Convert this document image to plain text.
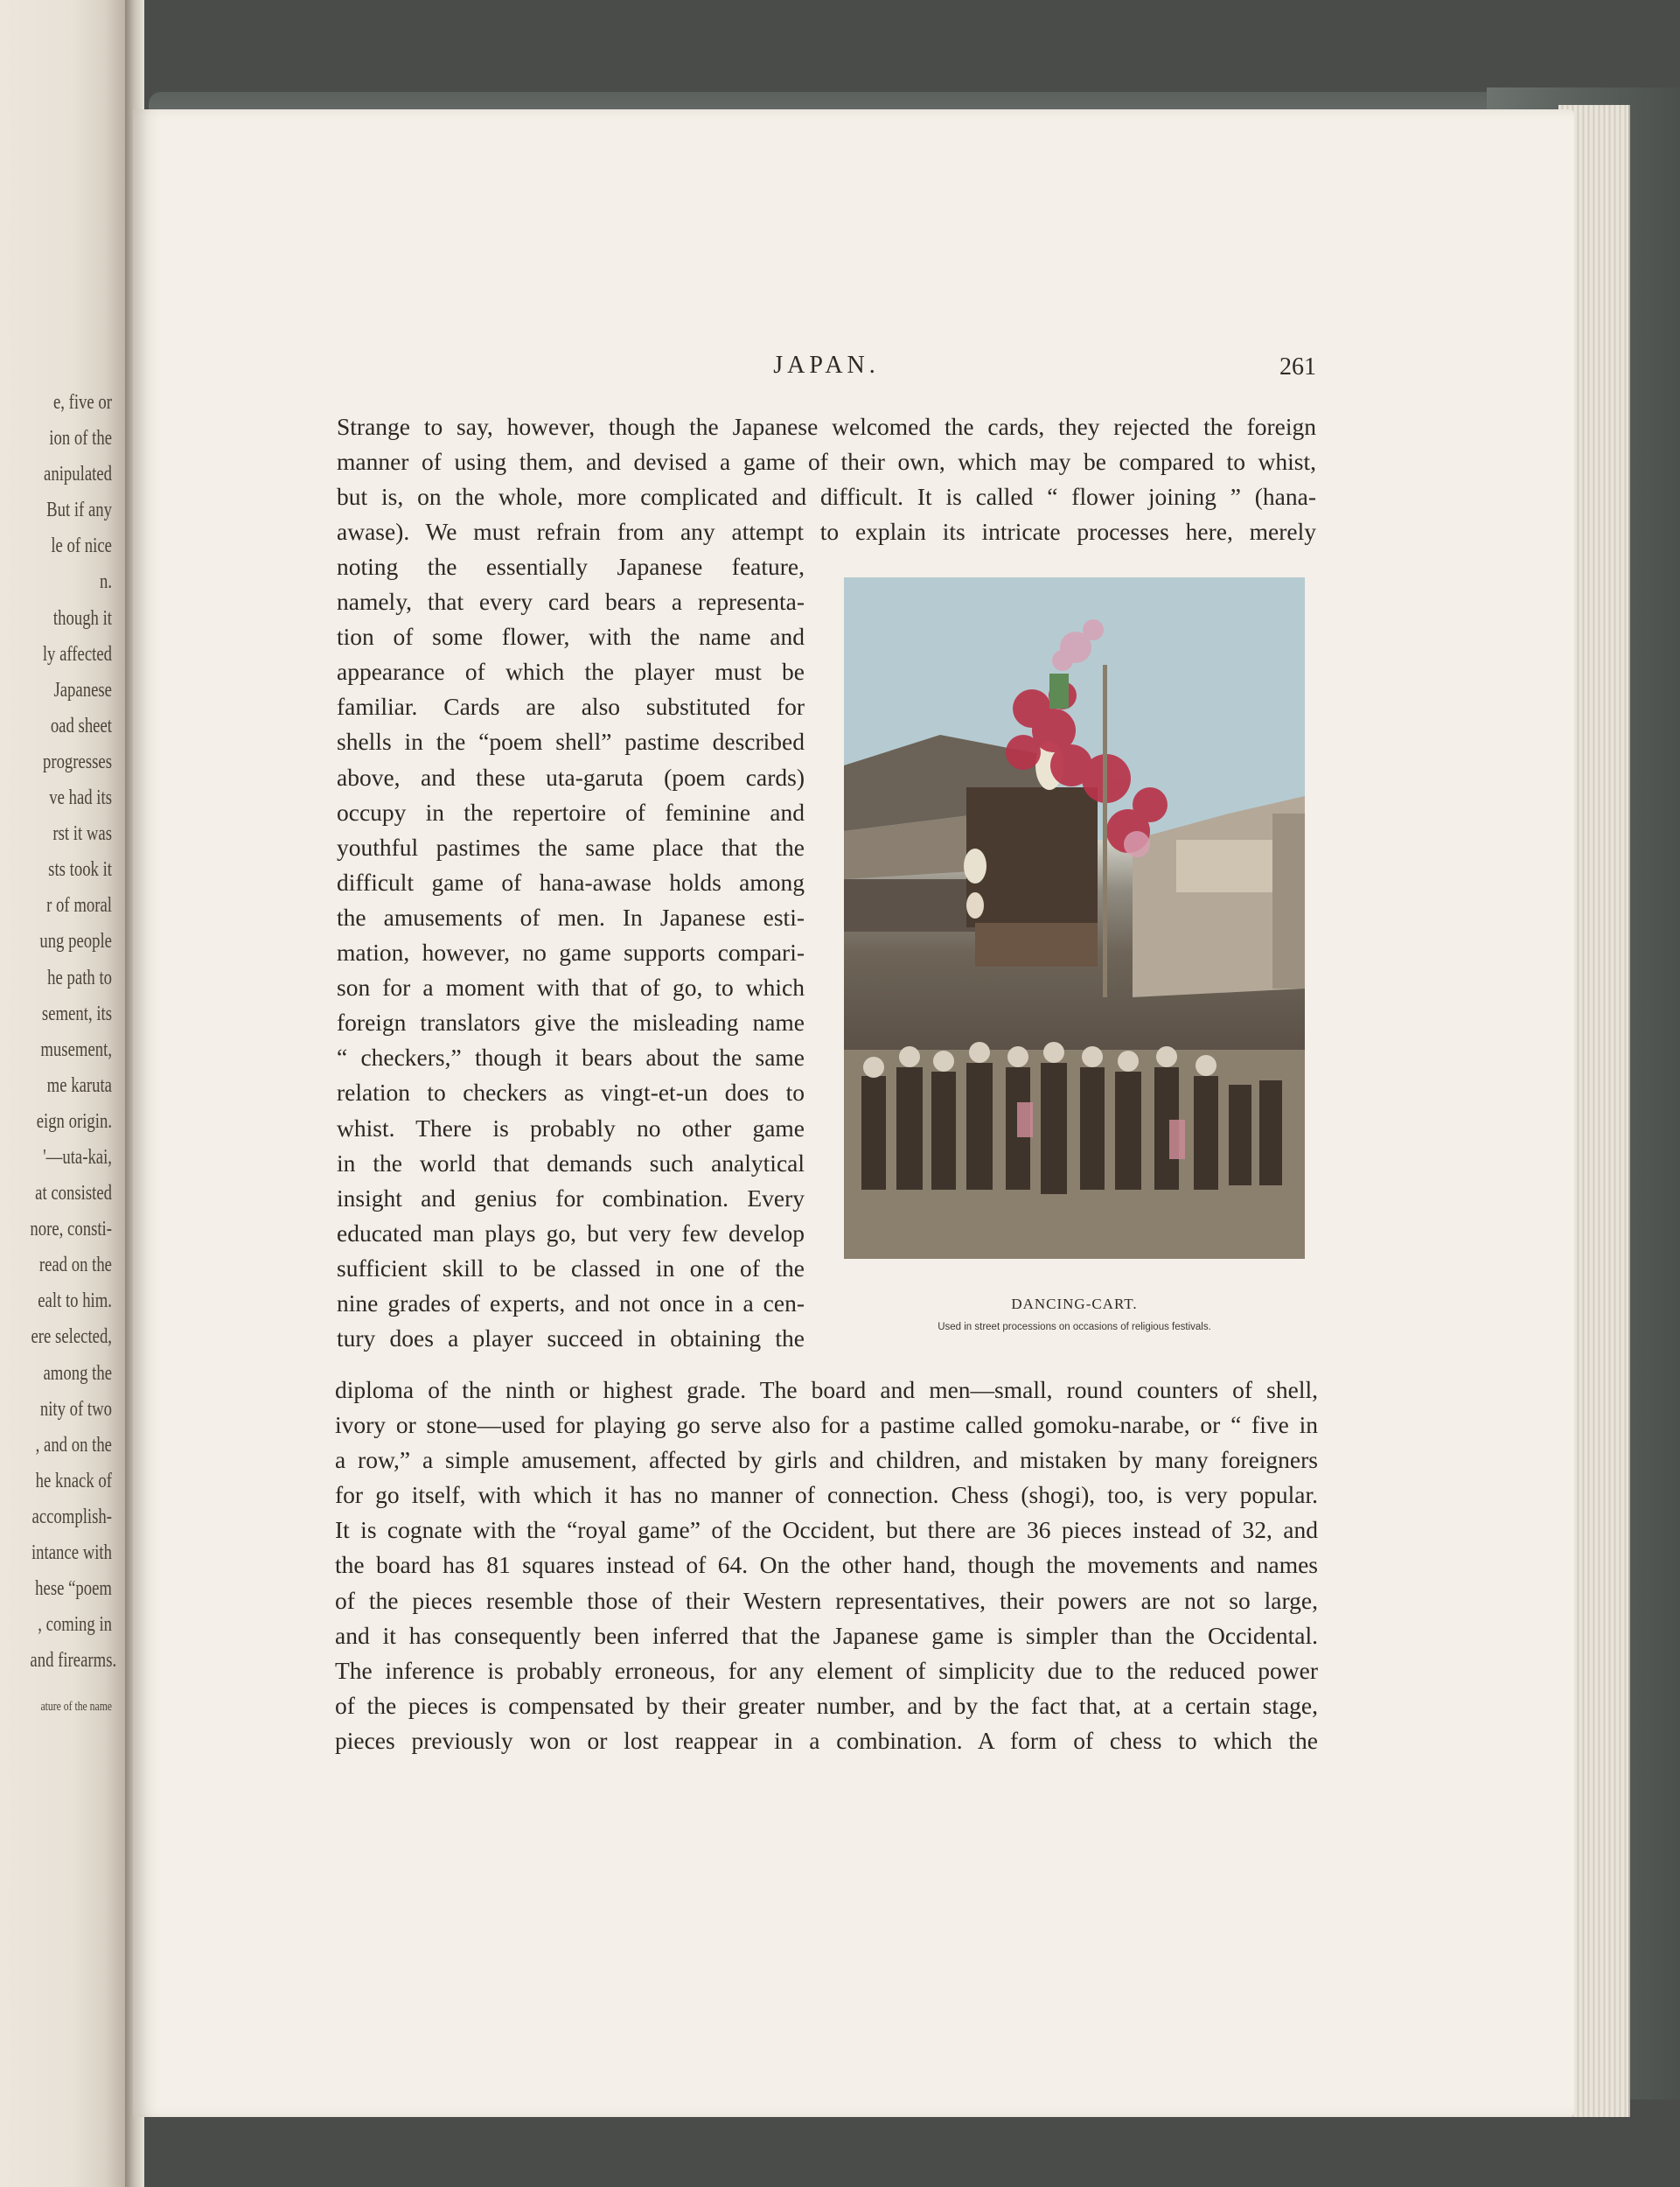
e, five or
ion of the
anipulated
But if any
le of nice
n.
though it
ly affected
Japanese
oad sheet
progresses
ve had its
rst it was
sts took it
r of moral
ung people
he path to
sement, its
musement,
me karuta
eign origin.
'—uta-kai,
at consisted
nore, consti-
read on the
ealt to him.
ere selected,
among the
nity of two
, and on the
he knack of
accomplish-
intance with
hese “poem
, coming in
and firearms.
ature of the name
JAPAN.	261
Strange to say, however, though the Japanese welcomed the cards, they rejected the foreign
manner of using them, and devised a game of their own, which may be compared to whist,
but is, on the whole, more complicated and difficult. It is called “ flower joining ” (hana-
awase). We must refrain from any attempt to explain its intricate processes here, merely
noting the essentially Japanese feature,
namely, that every card bears a representa-
tion of some flower, with the name and
appearance of which the player must be
familiar. Cards are also substituted for
shells in the “poem shell” pastime described
above, and these uta-garuta (poem cards)
occupy in the repertoire of feminine and
youthful pastimes the same place that the
difficult game of hana-awase holds among
the amusements of men. In Japanese esti-
mation, however, no game supports compari-
son for a moment with that of go, to which
foreign translators give the misleading name
“ checkers,” though it bears about the same
relation to checkers as vingt-et-un does to
whist. There is probably no other game
in the world that demands such analytical
insight and genius for combination. Every
educated man plays go, but very few develop
sufficient skill to be classed in one of the
nine grades of experts, and not once in a cen-
tury does a player succeed in obtaining the
DANCING-CART.
Used in street processions on occasions of religious festivals.
diploma of the ninth or highest grade. The board and men—small, round counters of shell,
ivory or stone—used for playing go serve also for a pastime called gomoku-narabe, or “ five in
a row,” a simple amusement, affected by girls and children, and mistaken by many foreigners
for go itself, with which it has no manner of connection. Chess (shogi), too, is very popular.
It is cognate with the “royal game” of the Occident, but there are 36 pieces instead of 32, and
the board has 81 squares instead of 64. On the other hand, though the movements and names
of the pieces resemble those of their Western representatives, their powers are not so large,
and it has consequently been inferred that the Japanese game is simpler than the Occidental.
The inference is probably erroneous, for any element of simplicity due to the reduced power
of the pieces is compensated by their greater number, and by the fact that, at a certain stage,
pieces previously won or lost reappear in a combination. A form of chess to which the
